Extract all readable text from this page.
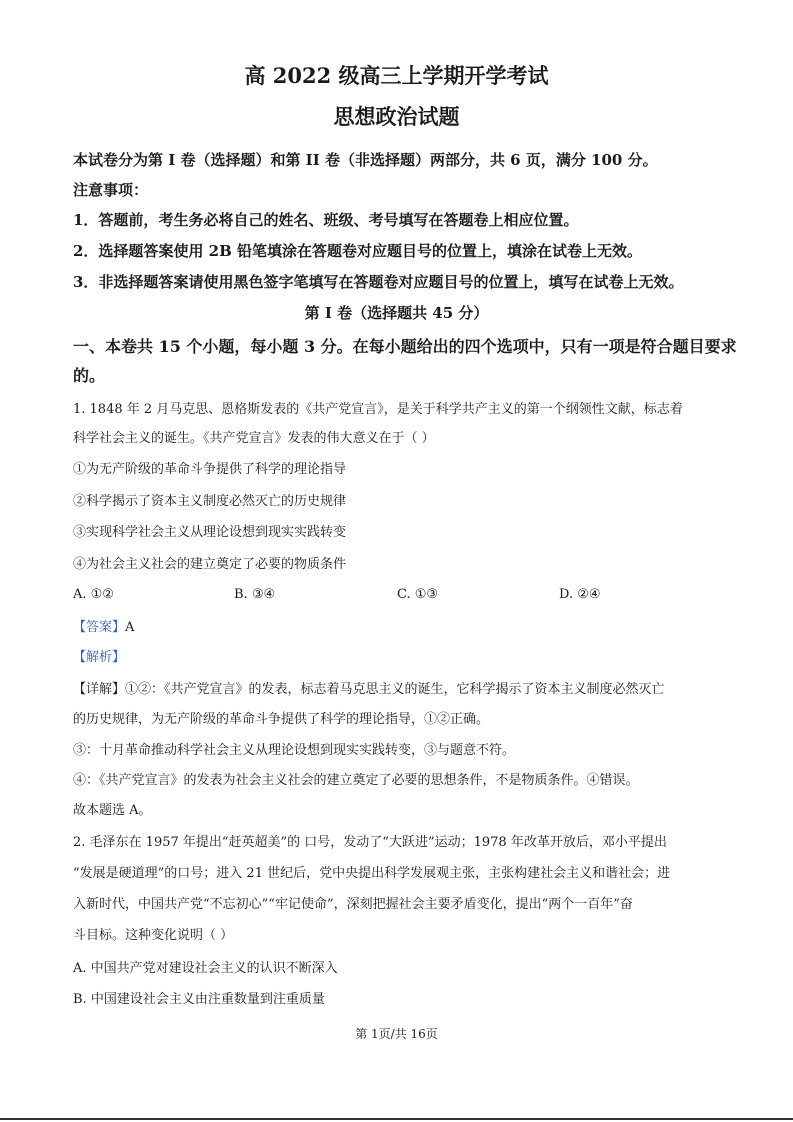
高 2022 级高三上学期开学考试
思想政治试题
本试卷分为第 I 卷（选择题）和第 II 卷（非选择题）两部分，共 6 页，满分 100 分。
注意事项：
1．答题前，考生务必将自己的姓名、班级、考号填写在答题卷上相应位置。
2．选择题答案使用 2B 铅笔填涂在答题卷对应题目号的位置上，填涂在试卷上无效。
3．非选择题答案请使用黑色签字笔填写在答题卷对应题目号的位置上，填写在试卷上无效。
第 I 卷（选择题共 45 分）
一、本卷共 15 个小题，每小题 3 分。在每小题给出的四个选项中，只有一项是符合题目要求
的。
1. 1848 年 2 月马克思、恩格斯发表的《共产党宣言》，是关于科学共产主义的第一个纲领性文献，标志着
科学社会主义的诞生。《共产党宣言》发表的伟大意义在于（ ）
①为无产阶级的革命斗争提供了科学的理论指导
②科学揭示了资本主义制度必然灭亡的历史规律
③实现科学社会主义从理论设想到现实实践转变
④为社会主义社会的建立奠定了必要的物质条件
A. ①②	B. ③④	C. ①③	D. ②④
【答案】A
【解析】
【详解】①②：《共产党宣言》的发表，标志着马克思主义的诞生，它科学揭示了资本主义制度必然灭亡
的历史规律，为无产阶级的革命斗争提供了科学的理论指导，①②正确。
③：十月革命推动科学社会主义从理论设想到现实实践转变，③与题意不符。
④：《共产党宣言》的发表为社会主义社会的建立奠定了必要的思想条件，不是物质条件。④错误。
故本题选 A。
2. 毛泽东在 1957 年提出“赶英超美”的 口号，发动了“大跃进”运动；1978 年改革开放后，邓小平提出
“发展是硬道理”的口号；进入 21 世纪后，党中央提出科学发展观主张，主张构建社会主义和谐社会；进
入新时代，中国共产党“不忘初心”“牢记使命”，深刻把握社会主要矛盾变化，提出“两个一百年”奋
斗目标。这种变化说明（ ）
A. 中国共产党对建设社会主义的认识不断深入
B. 中国建设社会主义由注重数量到注重质量
第 1页/共 16页
